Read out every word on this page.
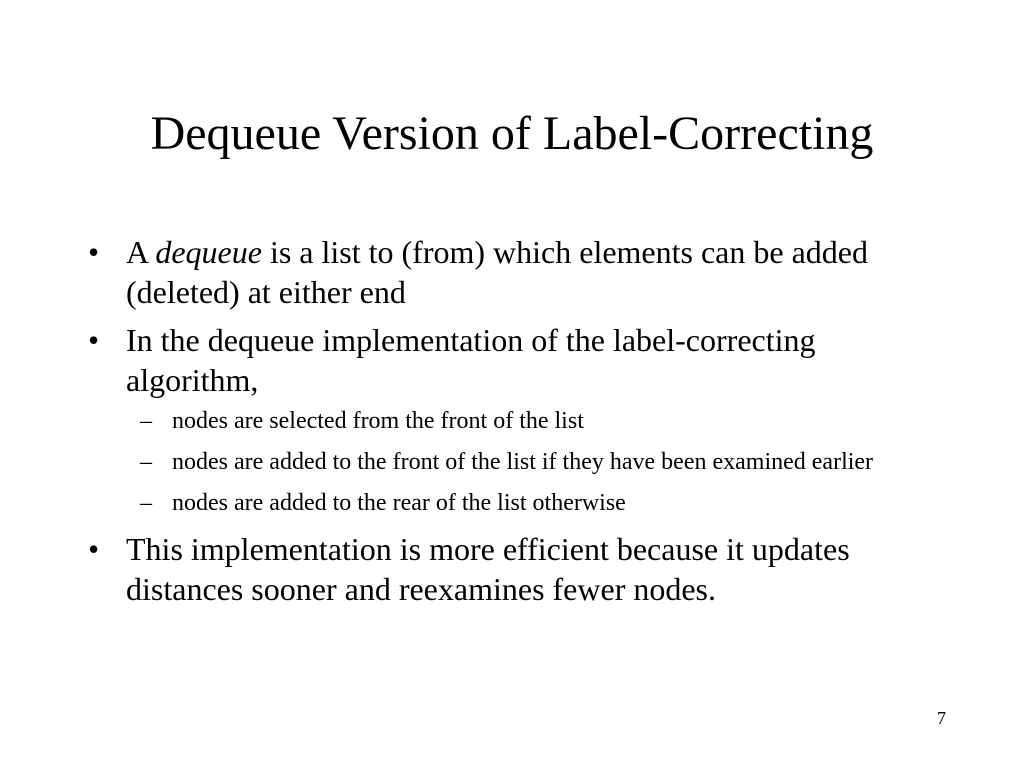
Dequeue Version of Label-Correcting
• A dequeue is a list to (from) which elements can be added (deleted) at either end
• In the dequeue implementation of the label-correcting algorithm,
– nodes are selected from the front of the list
– nodes are added to the front of the list if they have been examined earlier
– nodes are added to the rear of the list otherwise
• This implementation is more efficient because it updates distances sooner and reexamines fewer nodes.
7
